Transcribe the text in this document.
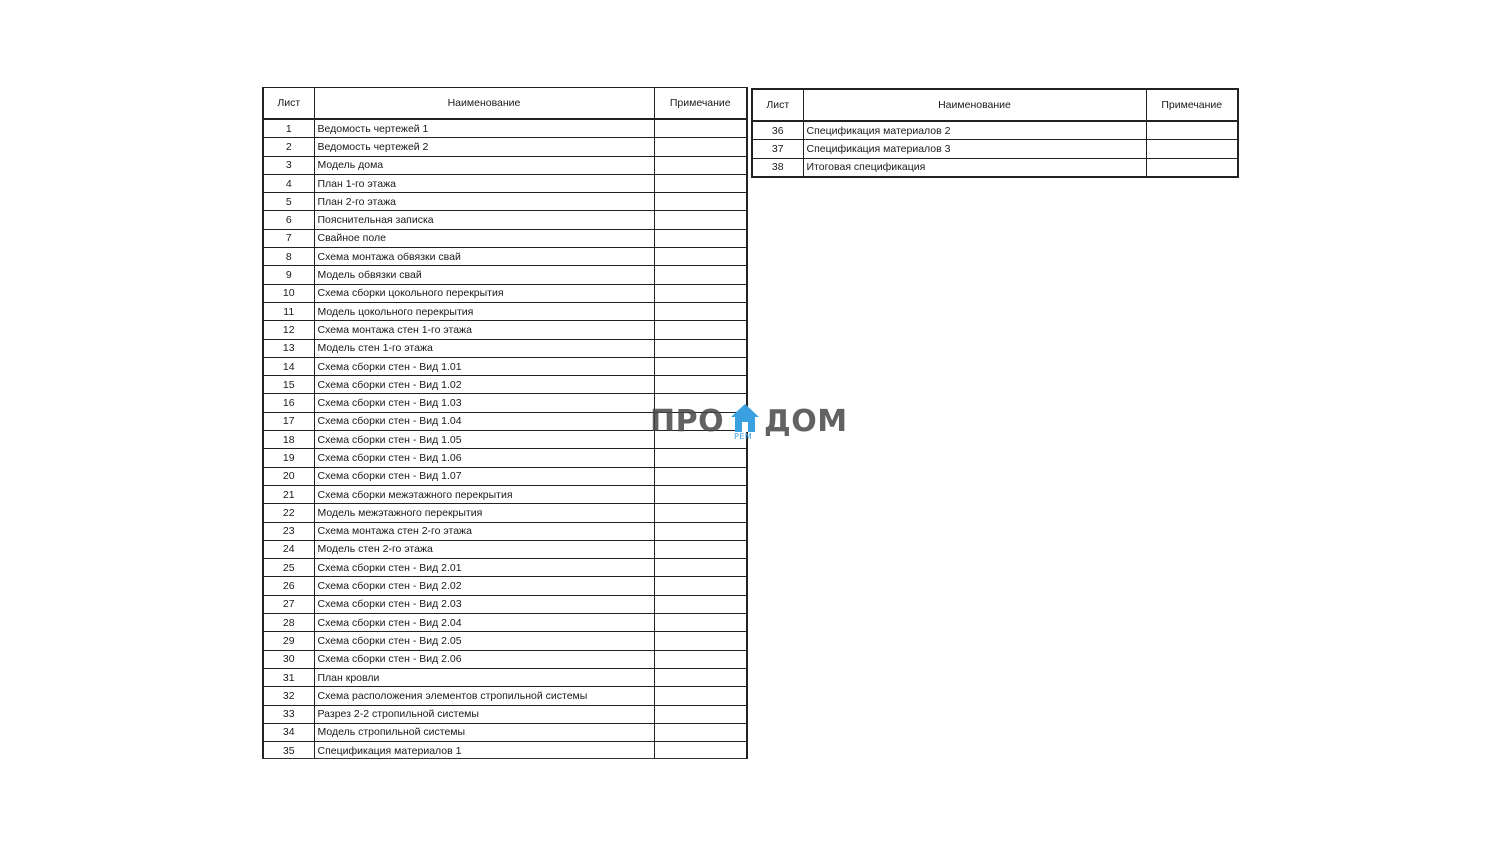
Лист	Наименование	Примечание
1	Ведомость чертежей 1	
2	Ведомость чертежей 2	
3	Модель дома	
4	План 1-го этажа	
5	План 2-го этажа	
6	Пояснительная записка	
7	Свайное поле	
8	Схема монтажа обвязки свай	
9	Модель обвязки свай	
10	Схема сборки цокольного перекрытия	
11	Модель цокольного перекрытия	
12	Схема монтажа стен 1-го этажа	
13	Модель стен 1-го этажа	
14	Схема сборки стен - Вид 1.01	
15	Схема сборки стен - Вид 1.02	
16	Схема сборки стен - Вид 1.03	
17	Схема сборки стен - Вид 1.04	
18	Схема сборки стен - Вид 1.05	
19	Схема сборки стен - Вид 1.06	
20	Схема сборки стен - Вид 1.07	
21	Схема сборки межэтажного перекрытия	
22	Модель межэтажного перекрытия	
23	Схема монтажа стен 2-го этажа	
24	Модель стен 2-го этажа	
25	Схема сборки стен - Вид 2.01	
26	Схема сборки стен - Вид 2.02	
27	Схема сборки стен - Вид 2.03	
28	Схема сборки стен - Вид 2.04	
29	Схема сборки стен - Вид 2.05	
30	Схема сборки стен - Вид 2.06	
31	План кровли	
32	Схема расположения элементов стропильной системы	
33	Разрез 2-2 стропильной системы	
34	Модель стропильной системы	
35	Спецификация материалов 1	
Лист	Наименование	Примечание
36	Спецификация материалов 2	
37	Спецификация материалов 3	
38	Итоговая спецификация	
ПРО РЕМ ДОМ
